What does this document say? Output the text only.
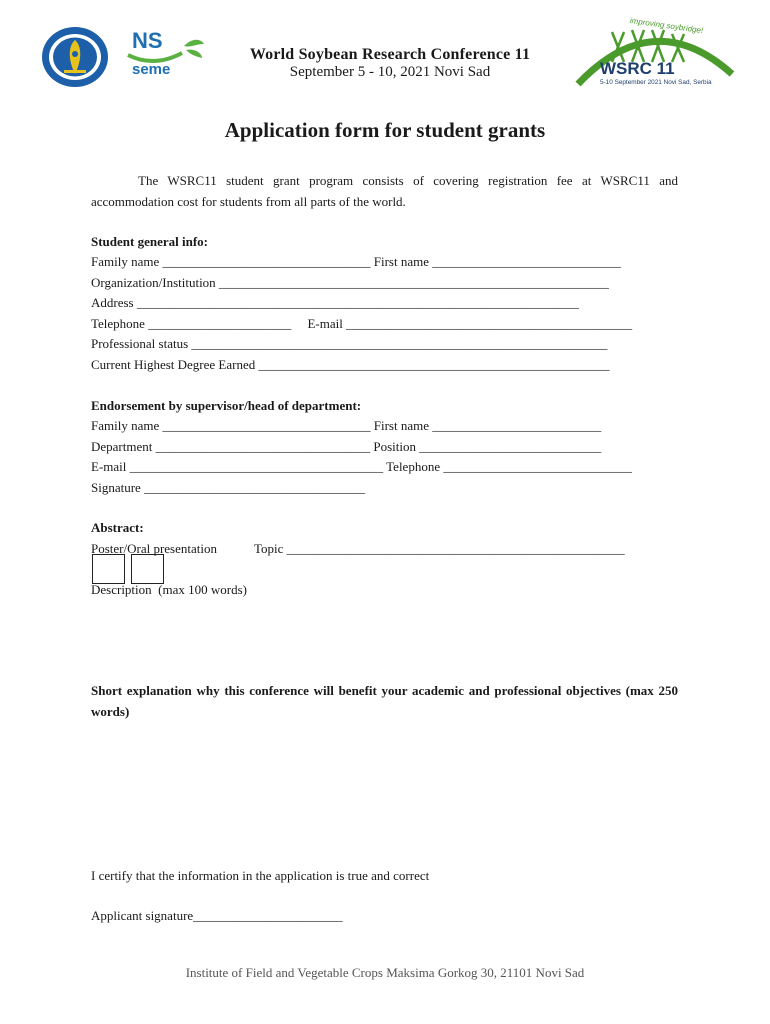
NS
seme
improving soybridge!
WSRC 11
5-10 September 2021 Novi Sad, Serbia
World Soybean Research Conference 11
September 5 - 10, 2021 Novi Sad
Application form for student grants
The WSRC11 student grant program consists of covering registration fee at WSRC11 and accommodation cost for students from all parts of the world.
Student general info:
Family name ________________________________ First name _____________________________
Organization/Institution ____________________________________________________________
Address ____________________________________________________________________
Telephone ______________________     E-mail ____________________________________________
Professional status ________________________________________________________________
Current Highest Degree Earned ______________________________________________________
Endorsement by supervisor/head of department:
Family name ________________________________ First name __________________________
Department _________________________________ Position ____________________________
E-mail _______________________________________ Telephone _____________________________
Signature __________________________________
Abstract:
Poster/Oral presentation	Topic ____________________________________________________
Description  (max 100 words)
Short explanation why this conference will benefit your academic and professional objectives (max 250 words)
I certify that the information in the application is true and correct
Applicant signature_______________________
Institute of Field and Vegetable Crops Maksima Gorkog 30, 21101 Novi Sad
